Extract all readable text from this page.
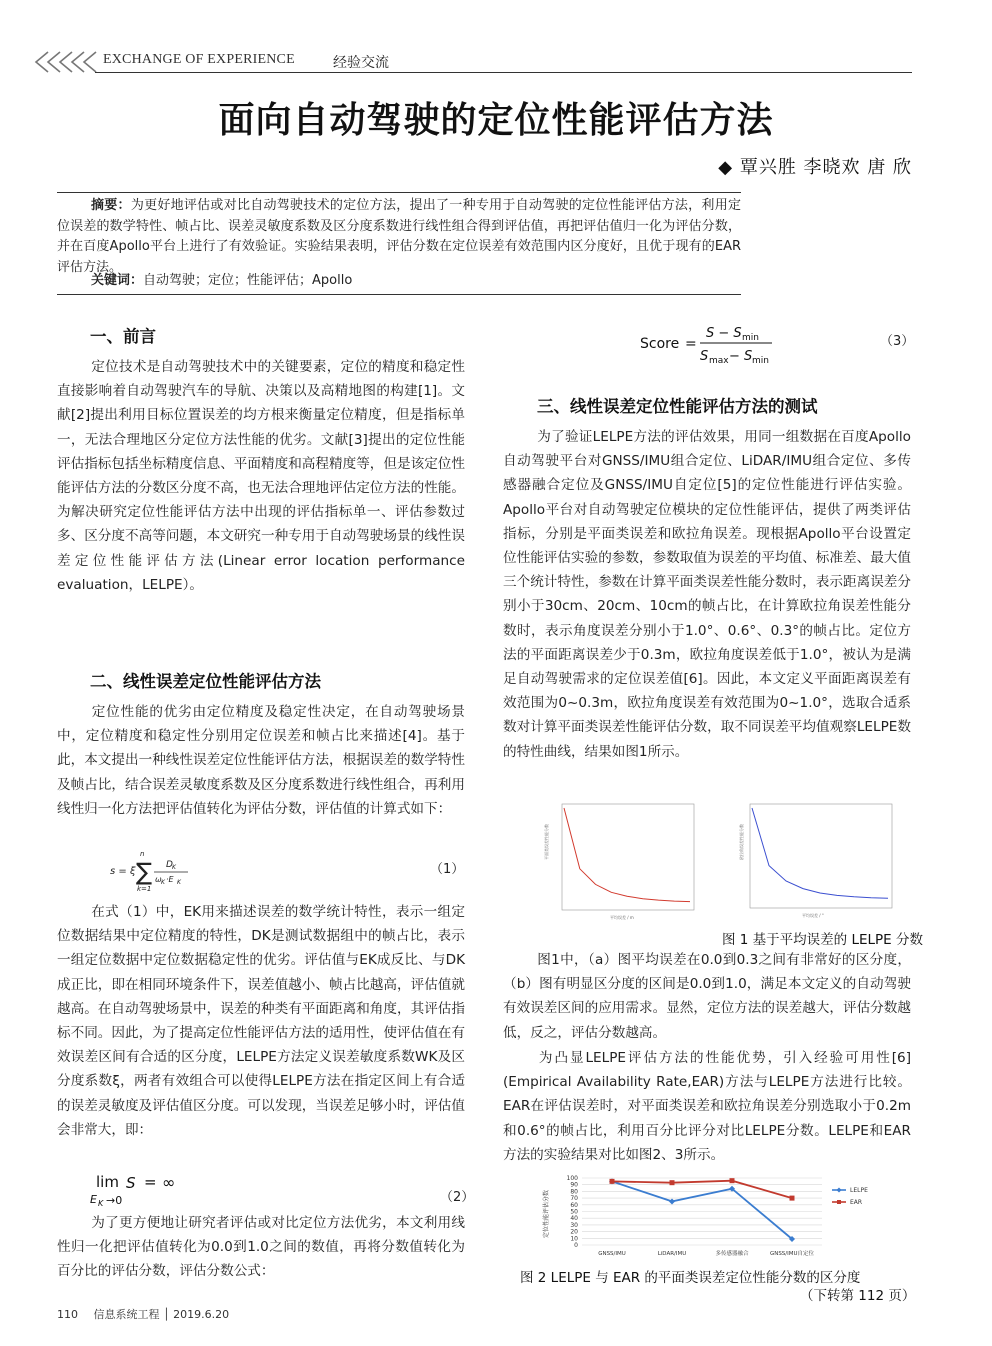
EXCHANGE OF EXPERIENCE	经验交流
面向自动驾驶的定位性能评估方法
◆ 覃兴胜 李晓欢 唐 欣
摘要：为更好地评估或对比自动驾驶技术的定位方法，提出了一种专用于自动驾驶的定位性能评估方法，利用定位误差的数学特性、帧占比、误差灵敏度系数及区分度系数进行线性组合得到评估值，再把评估值归一化为评估分数，并在百度Apollo平台上进行了有效验证。实验结果表明，评估分数在定位误差有效范围内区分度好，且优于现有的EAR评估方法。
关键词：自动驾驶；定位；性能评估；Apollo
一、前言
定位技术是自动驾驶技术中的关键要素，定位的精度和稳定性直接影响着自动驾驶汽车的导航、决策以及高精地图的构建[1]。文献[2]提出利用目标位置误差的均方根来衡量定位精度，但是指标单一，无法合理地区分定位方法性能的优劣。文献[3]提出的定位性能评估指标包括坐标精度信息、平面精度和高程精度等，但是该定位性能评估方法的分数区分度不高，也无法合理地评估定位方法的性能。为解决研究定位性能评估方法中出现的评估指标单一、评估参数过多、区分度不高等问题，本文研究一种专用于自动驾驶场景的线性误差定位性能评估方法(Linear error location performance evaluation，LELPE）。
二、线性误差定位性能评估方法
定位性能的优劣由定位精度及稳定性决定，在自动驾驶场景中，定位精度和稳定性分别用定位误差和帧占比来描述[4]。基于此，本文提出一种线性误差定位性能评估方法，根据误差的数学特性及帧占比，结合误差灵敏度系数及区分度系数进行线性组合，再利用线性归一化方法把评估值转化为评估分数，评估值的计算式如下：
s = ξ ∑
n
k=1
D K
ω K ·E K
（1）
在式（1）中，EK用来描述误差的数学统计特性，表示一组定位数据结果中定位精度的特性，DK是测试数据组中的帧占比，表示一组定位数据中定位数据稳定性的优劣。评估值与EK成反比、与DK成正比，即在相同环境条件下，误差值越小、帧占比越高，评估值就越高。在自动驾驶场景中，误差的种类有平面距离和角度，其评估指标不同。因此，为了提高定位性能评估方法的适用性，使评估值在有效误差区间有合适的区分度，LELPE方法定义误差敏度系数WK及区分度系数ξ，两者有效组合可以使得LELPE方法在指定区间上有合适的误差灵敏度及评估值区分度。可以发现，当误差足够小时，评估值会非常大，即：
lim S = ∞
E K →0	（2）
为了更方便地让研究者评估或对比定位方法优劣，本文利用线性归一化把评估值转化为0.0到1.0之间的数值，再将分数值转化为百分比的评估分数，评估分数公式：
Score =
S − S min
S max − S min
（3）
三、线性误差定位性能评估方法的测试
为了验证LELPE方法的评估效果，用同一组数据在百度Apollo自动驾驶平台对GNSS/IMU组合定位、LiDAR/IMU组合定位、多传感器融合定位及GNSS/IMU自定位[5]的定位性能进行评估实验。Apollo平台对自动驾驶定位模块的定位性能评估，提供了两类评估指标，分别是平面类误差和欧拉角误差。现根据Apollo平台设置定位性能评估实验的参数，参数取值为误差的平均值、标准差、最大值三个统计特性，参数在计算平面类误差性能分数时，表示距离误差分别小于30cm、20cm、10cm的帧占比，在计算欧拉角误差性能分数时，表示角度误差分别小于1.0°、0.6°、0.3°的帧占比。定位方法的平面距离误差少于0.3m，欧拉角度误差低于1.0°，被认为是满足自动驾驶需求的定位误差值[6]。因此，本文定义平面距离误差有效范围为0~0.3m，欧拉角度误差有效范围为0~1.0°，选取合适系数对计算平面类误差性能评估分数，取不同误差平均值观察LELPE数的特性曲线，结果如图1所示。
平面类误差性能分数
平均误差 / m
欧拉角误差性能分数
平均误差 / °
图 1 基于平均误差的 LELPE 分数
图1中，（a）图平均误差在0.0到0.3之间有非常好的区分度，（b）图有明显区分度的区间是0.0到1.0，满足本文定义的自动驾驶有效误差区间的应用需求。显然，定位方法的误差越大，评估分数越低，反之，评估分数越高。
为凸显LELPE评估方法的性能优势，引入经验可用性[6](Empirical Availability Rate,EAR)方法与LELPE方法进行比较。EAR在评估误差时，对平面类误差和欧拉角误差分别选取小于0.2m和0.6°的帧占比，利用百分比评分对比LELPE分数。LELPE和EAR方法的实验结果对比如图2、3所示。
0
10
20
30
40
50
60
70
80
90
100
GNSS/IMU	LiDAR/IMU	多传感器融合	GNSS/IMU自定位
LELPE
EAR
定位性能评估分数
图 2 LELPE 与 EAR 的平面类误差定位性能分数的区分度
（下转第 112 页）
110 信息系统工程 │ 2019.6.20
